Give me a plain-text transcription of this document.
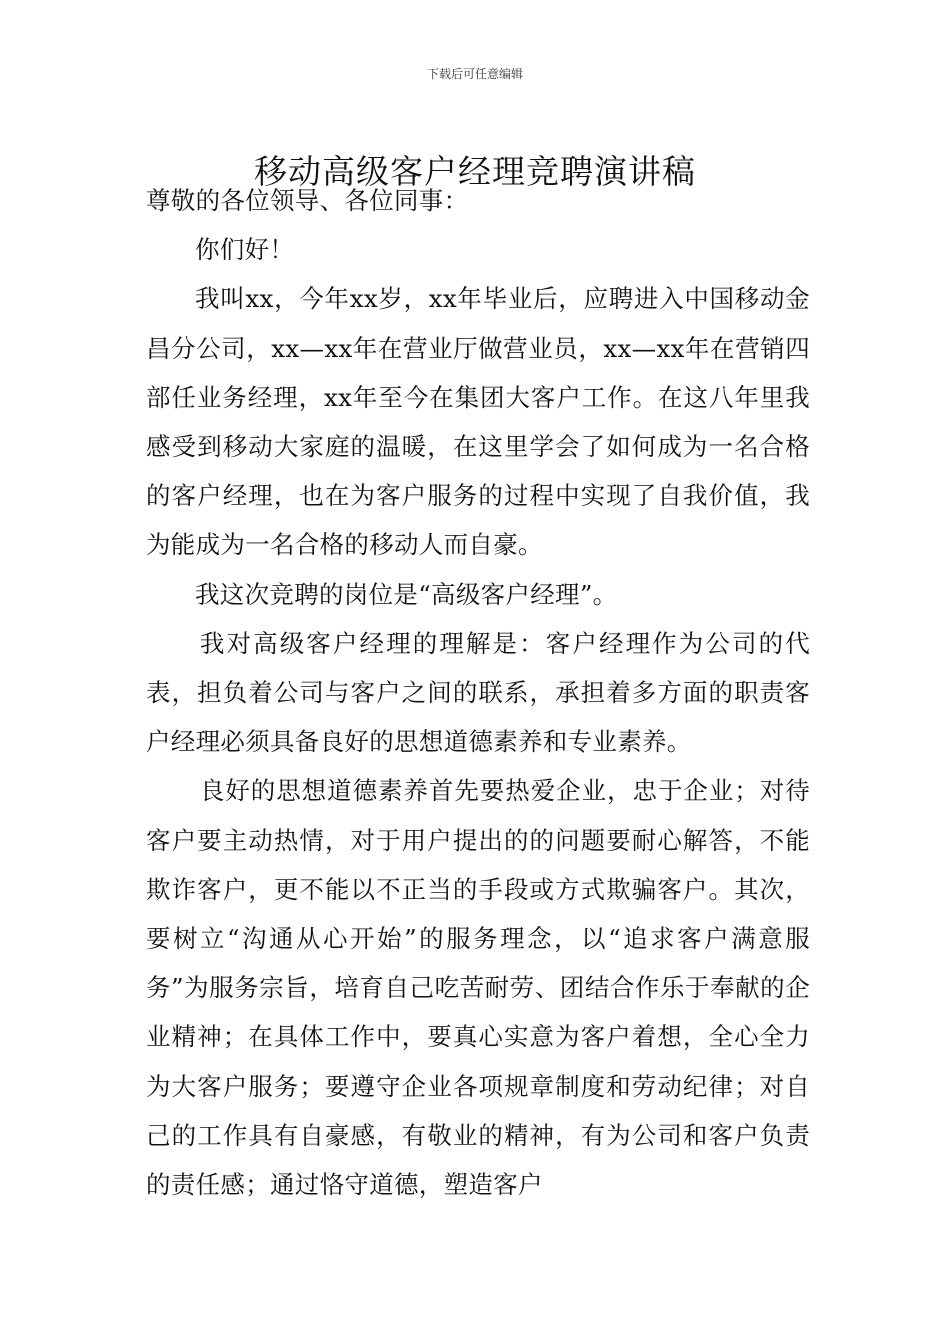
下载后可任意编辑
移动高级客户经理竞聘演讲稿

尊敬的各位领导、各位同事：

你们好！

我叫xx，今年xx岁，xx年毕业后，应聘进入中国移动金昌分公司，xx—xx年在营业厅做营业员，xx—xx年在营销四部任业务经理，xx年至今在集团大客户工作。在这八年里我感受到移动大家庭的温暖，在这里学会了如何成为一名合格的客户经理，也在为客户服务的过程中实现了自我价值，我为能成为一名合格的移动人而自豪。

我这次竞聘的岗位是“高级客户经理”。

我对高级客户经理的理解是：客户经理作为公司的代表，担负着公司与客户之间的联系，承担着多方面的职责客户经理必须具备良好的思想道德素养和专业素养。

良好的思想道德素养首先要热爱企业，忠于企业；对待客户要主动热情，对于用户提出的的问题要耐心解答，不能欺诈客户，更不能以不正当的手段或方式欺骗客户。其次，要树立“沟通从心开始”的服务理念，以“追求客户满意服务”为服务宗旨，培育自己吃苦耐劳、团结合作乐于奉献的企业精神；在具体工作中，要真心实意为客户着想，全心全力为大客户服务；要遵守企业各项规章制度和劳动纪律；对自己的工作具有自豪感，有敬业的精神，有为公司和客户负责的责任感；通过恪守道德，塑造客户
